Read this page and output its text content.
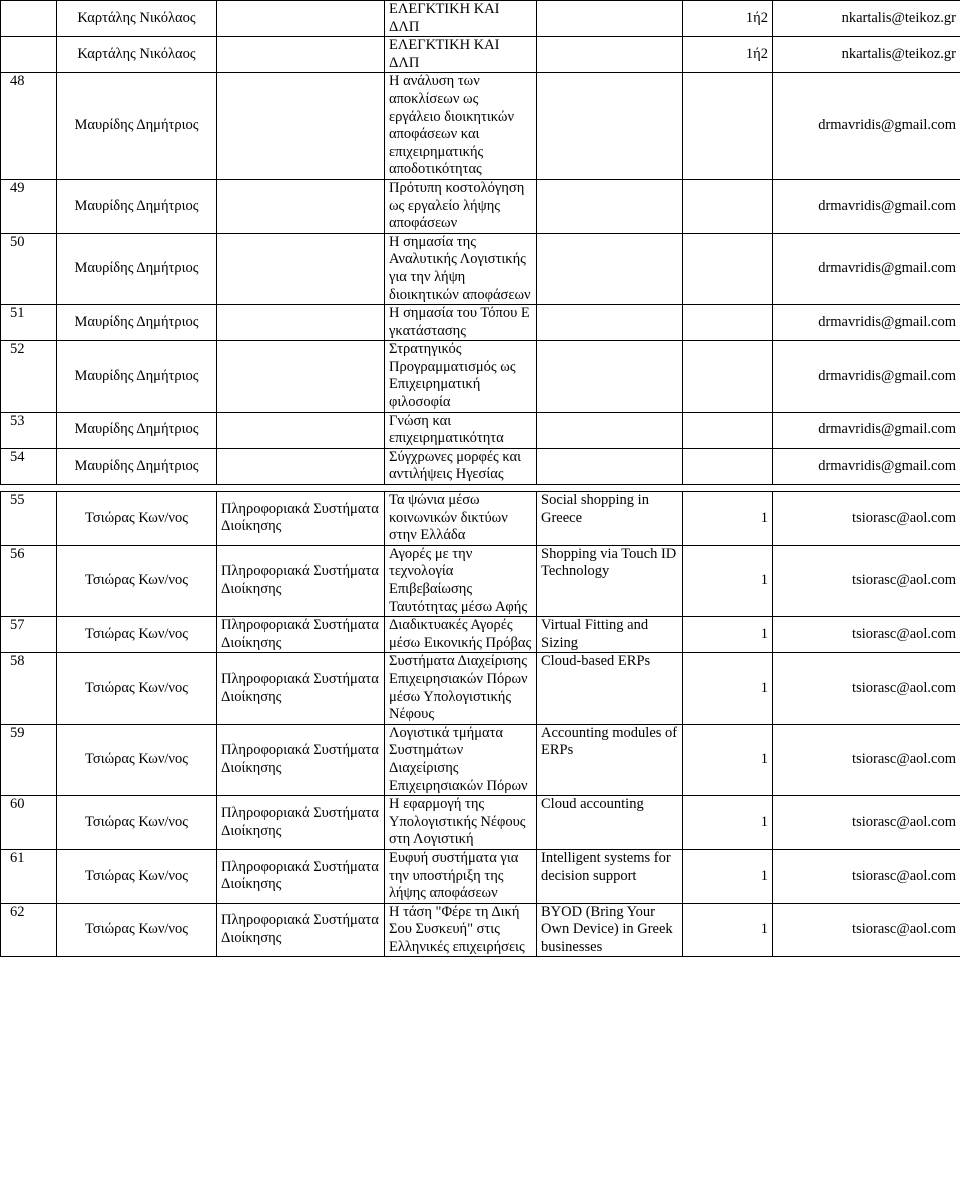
	Καρτάλης Νικόλαος		ΕΛΕΓΚΤΙΚΗ ΚΑΙ ΔΛΠ		1ή2	nkartalis@teikoz.gr
	Καρτάλης Νικόλαος		ΕΛΕΓΚΤΙΚΗ ΚΑΙ ΔΛΠ		1ή2	nkartalis@teikoz.gr
48	Μαυρίδης Δημήτριος		Η ανάλυση των αποκλίσεων ως εργάλειο διοικητικών αποφάσεων και επιχειρηματικής αποδοτικότητας			drmavridis@gmail.com
49	Μαυρίδης Δημήτριος		Πρότυπη κοστολόγηση ως εργαλείο λήψης αποφάσεων			drmavridis@gmail.com
50	Μαυρίδης Δημήτριος		Η σημασία της Αναλυτικής Λογιστικής για την λήψη διοικητικών αποφάσεων			drmavridis@gmail.com
51	Μαυρίδης Δημήτριος		Η σημασία του Τόπου Ε γκατάστασης			drmavridis@gmail.com
52	Μαυρίδης Δημήτριος		Στρατηγικός Προγραμματισμός ως Επιχειρηματική φιλοσοφία			drmavridis@gmail.com
53	Μαυρίδης Δημήτριος		Γνώση και επιχειρηματικότητα			drmavridis@gmail.com
54	Μαυρίδης Δημήτριος		Σύγχρωνες μορφές και αντιλήψεις Ηγεσίας			drmavridis@gmail.com
55	Τσιώρας Κων/νος	Πληροφοριακά Συστήματα Διοίκησης	Τα ψώνια μέσω κοινωνικών δικτύων στην Ελλάδα	Social shopping in Greece	1	tsiorasc@aol.com
56	Τσιώρας Κων/νος	Πληροφοριακά Συστήματα Διοίκησης	Αγορές με την τεχνολογία Επιβεβαίωσης Ταυτότητας μέσω Αφής	Shopping via Touch ID Technology	1	tsiorasc@aol.com
57	Τσιώρας Κων/νος	Πληροφοριακά Συστήματα Διοίκησης	Διαδικτυακές Αγορές μέσω Εικονικής Πρόβας	Virtual Fitting and Sizing	1	tsiorasc@aol.com
58	Τσιώρας Κων/νος	Πληροφοριακά Συστήματα Διοίκησης	Συστήματα Διαχείρισης Επιχειρησιακών Πόρων μέσω Υπολογιστικής Νέφους	Cloud-based ERPs	1	tsiorasc@aol.com
59	Τσιώρας Κων/νος	Πληροφοριακά Συστήματα Διοίκησης	Λογιστικά τμήματα Συστημάτων Διαχείρισης Επιχειρησιακών Πόρων	Accounting modules of ERPs	1	tsiorasc@aol.com
60	Τσιώρας Κων/νος	Πληροφοριακά Συστήματα Διοίκησης	Η εφαρμογή της Υπολογιστικής Νέφους στη Λογιστική	Cloud accounting	1	tsiorasc@aol.com
61	Τσιώρας Κων/νος	Πληροφοριακά Συστήματα Διοίκησης	Ευφυή συστήματα για την υποστήριξη της λήψης αποφάσεων	Intelligent systems for decision support	1	tsiorasc@aol.com
62	Τσιώρας Κων/νος	Πληροφοριακά Συστήματα Διοίκησης	Η τάση "Φέρε τη Δική Σου Συσκευή" στις Ελληνικές επιχειρήσεις	BYOD (Bring Your Own Device) in Greek businesses	1	tsiorasc@aol.com
